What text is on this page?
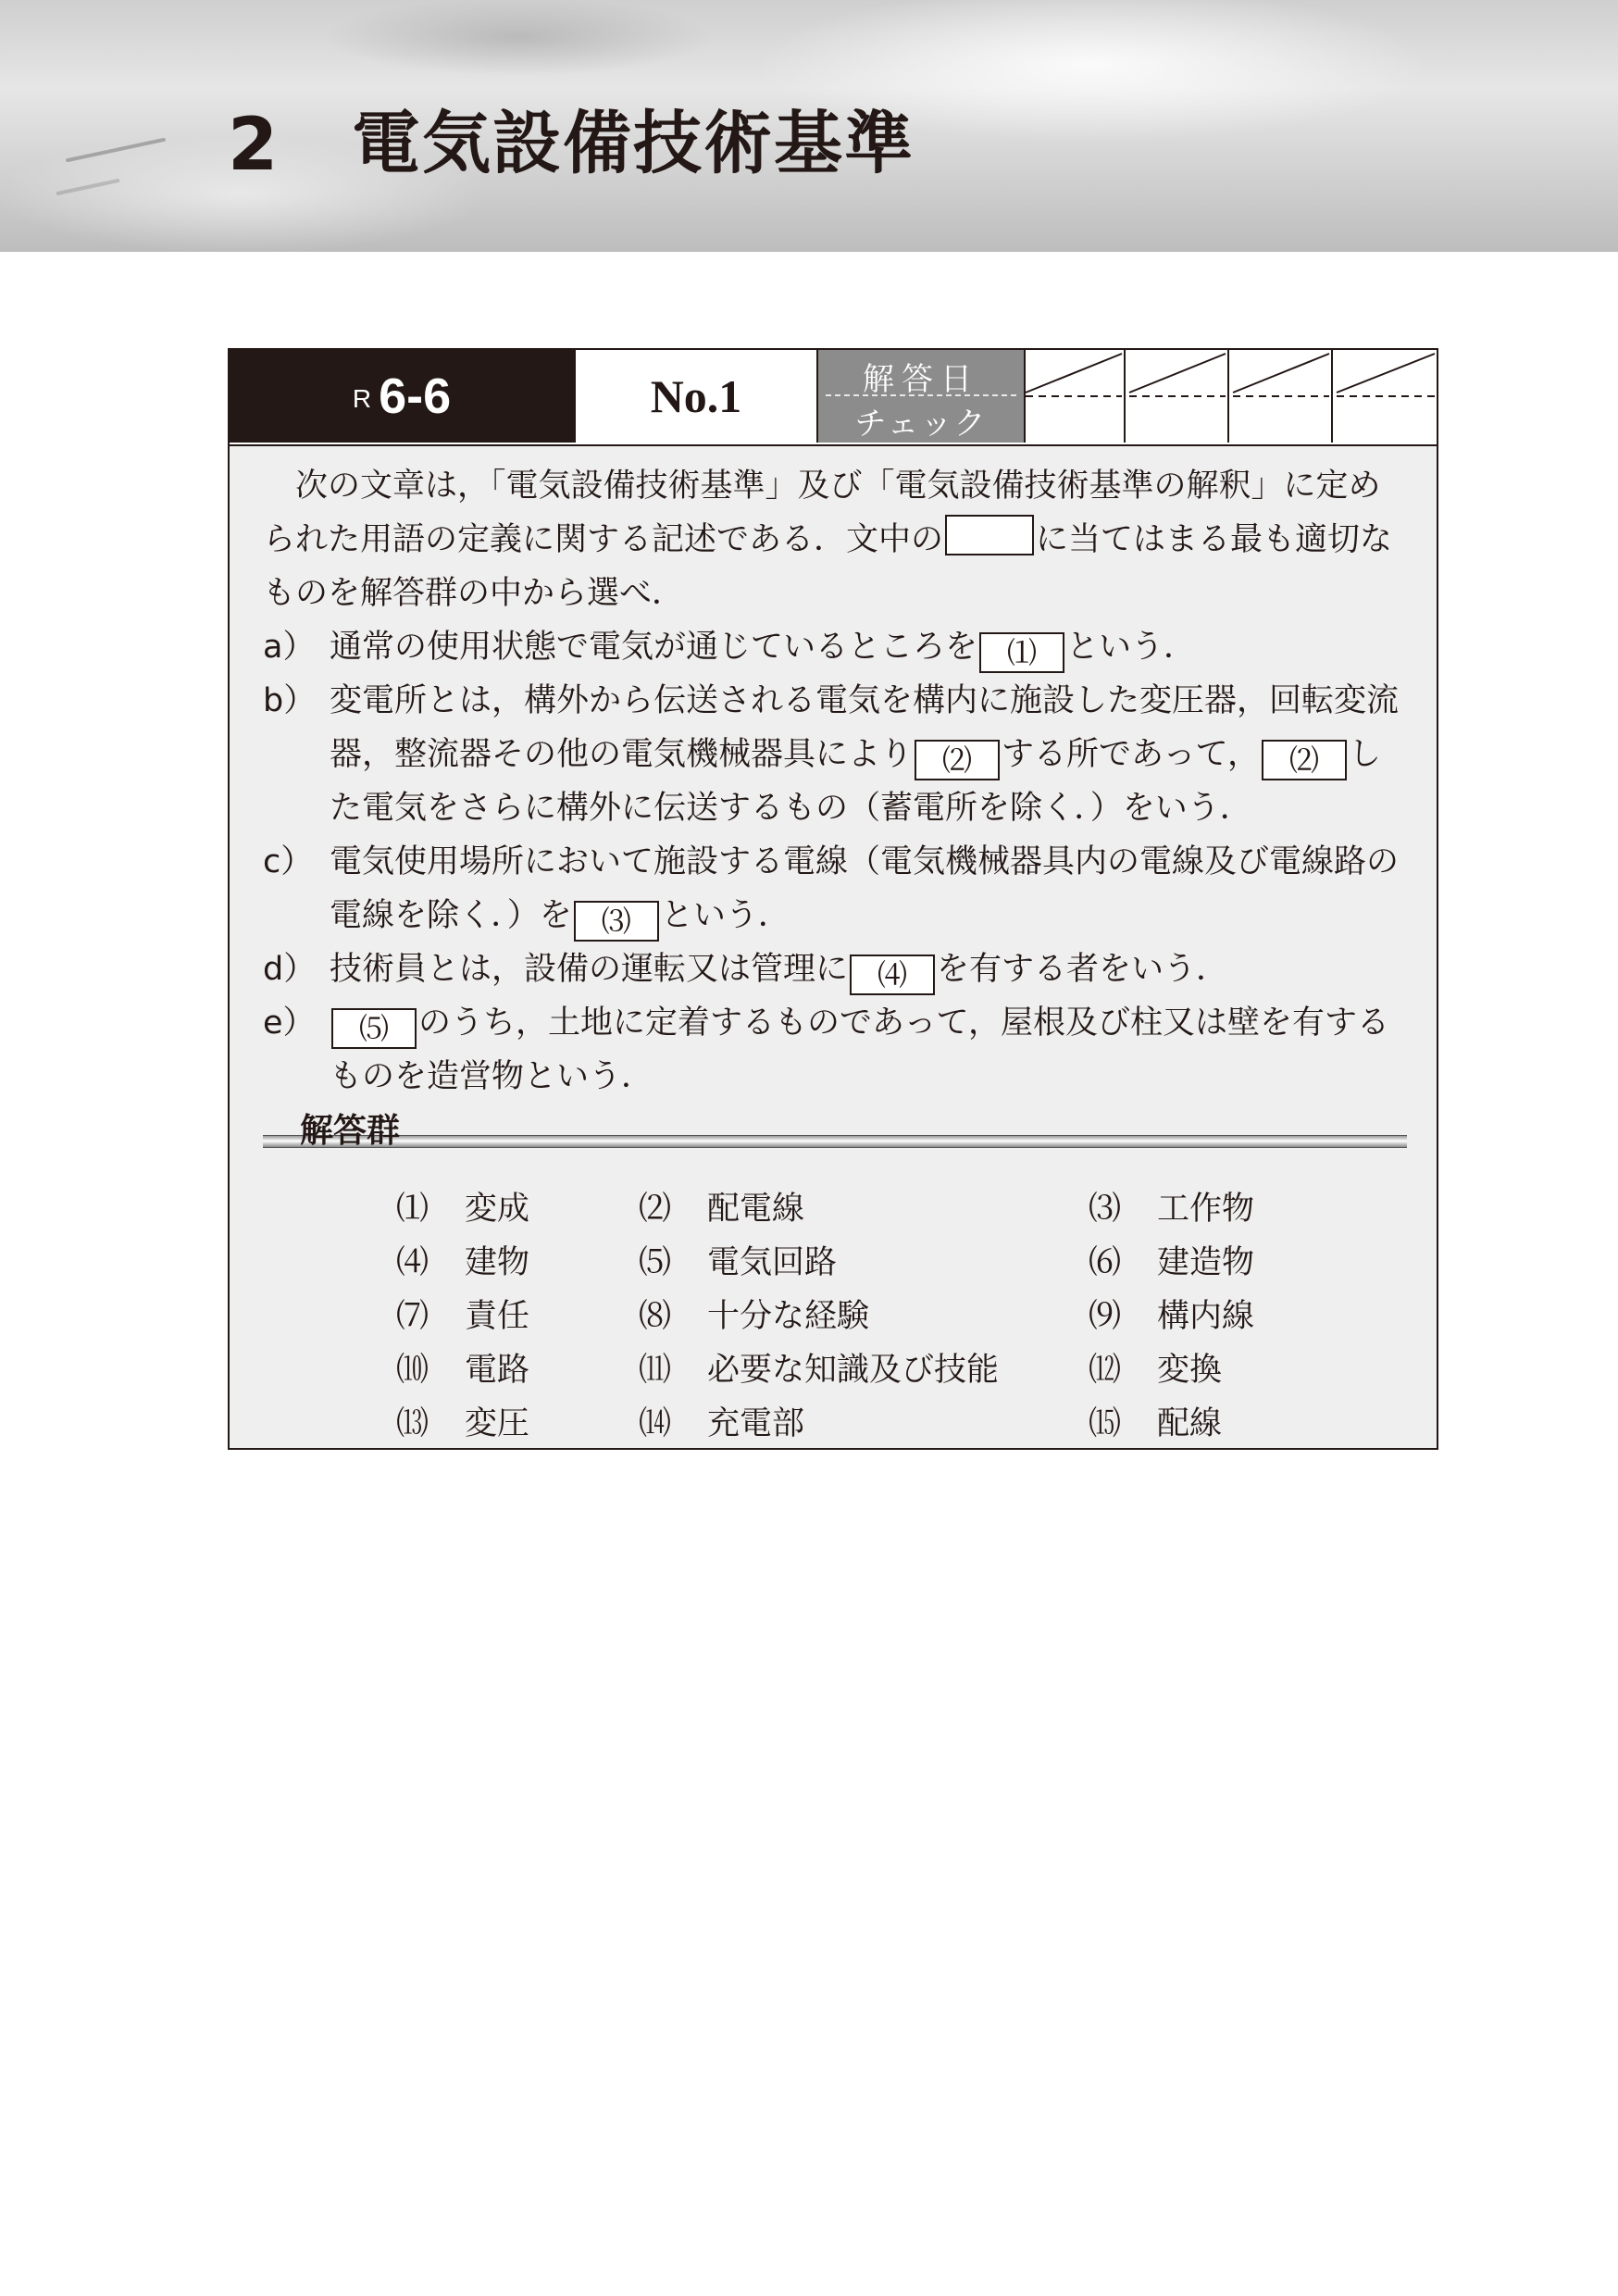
2 電気設備技術基準
R 6-6	No.1	解答日
チェック

次の文章は，「電気設備技術基準」及び「電気設備技術基準の解釈」に定められた用語の定義に関する記述である．文中の	に当てはまる最も適切なものを解答群の中から選べ．

a） 通常の使用状態で電気が通じているところを ⑴ という．

b） 変電所とは，構外から伝送される電気を構内に施設した変圧器，回転変流器，整流器その他の電気機械器具により ⑵ する所であって， ⑵ した電気をさらに構外に伝送するもの（蓄電所を除く．）をいう．

c） 電気使用場所において施設する電線（電気機械器具内の電線及び電線路の電線を除く．）を ⑶ という．

d） 技術員とは，設備の運転又は管理に ⑷ を有する者をいう．

e） ⑸ のうち，土地に定着するものであって，屋根及び柱又は壁を有するものを造営物という．

解答群
⑴ 変成	⑵ 配電線	⑶ 工作物
⑷ 建物	⑸ 電気回路	⑹ 建造物
⑺ 責任	⑻ 十分な経験	⑼ 構内線
⑽ 電路	⑾ 必要な知識及び技能	⑿ 変換
⒀ 変圧	⒁ 充電部	⒂ 配線
